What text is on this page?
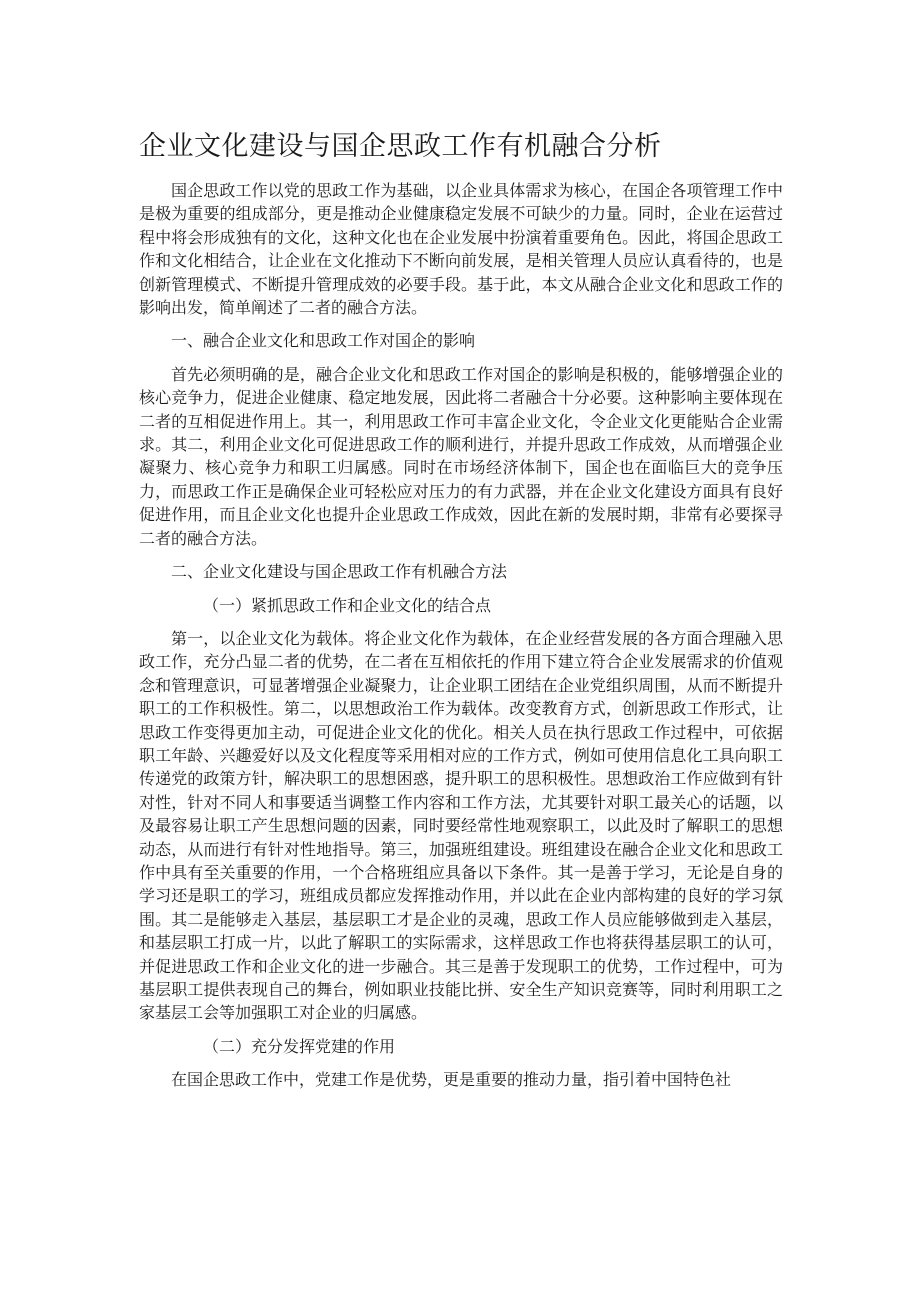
企业文化建设与国企思政工作有机融合分析

国企思政工作以党的思政工作为基础，以企业具体需求为核心，在国企各项管理工作中是极为重要的组成部分，更是推动企业健康稳定发展不可缺少的力量。同时，企业在运营过程中将会形成独有的文化，这种文化也在企业发展中扮演着重要角色。因此，将国企思政工作和文化相结合，让企业在文化推动下不断向前发展，是相关管理人员应认真看待的，也是创新管理模式、不断提升管理成效的必要手段。基于此，本文从融合企业文化和思政工作的影响出发，简单阐述了二者的融合方法。

一、融合企业文化和思政工作对国企的影响

首先必须明确的是，融合企业文化和思政工作对国企的影响是积极的，能够增强企业的核心竞争力，促进企业健康、稳定地发展，因此将二者融合十分必要。这种影响主要体现在二者的互相促进作用上。其一，利用思政工作可丰富企业文化，令企业文化更能贴合企业需求。其二，利用企业文化可促进思政工作的顺利进行，并提升思政工作成效，从而增强企业凝聚力、核心竞争力和职工归属感。同时在市场经济体制下，国企也在面临巨大的竞争压力，而思政工作正是确保企业可轻松应对压力的有力武器，并在企业文化建设方面具有良好促进作用，而且企业文化也提升企业思政工作成效，因此在新的发展时期，非常有必要探寻二者的融合方法。

二、企业文化建设与国企思政工作有机融合方法

（一）紧抓思政工作和企业文化的结合点

第一，以企业文化为载体。将企业文化作为载体，在企业经营发展的各方面合理融入思政工作，充分凸显二者的优势，在二者在互相依托的作用下建立符合企业发展需求的价值观念和管理意识，可显著增强企业凝聚力，让企业职工团结在企业党组织周围，从而不断提升职工的工作积极性。第二，以思想政治工作为载体。改变教育方式，创新思政工作形式，让思政工作变得更加主动，可促进企业文化的优化。相关人员在执行思政工作过程中，可依据职工年龄、兴趣爱好以及文化程度等采用相对应的工作方式，例如可使用信息化工具向职工传递党的政策方针，解决职工的思想困惑，提升职工的思积极性。思想政治工作应做到有针对性，针对不同人和事要适当调整工作内容和工作方法，尤其要针对职工最关心的话题，以及最容易让职工产生思想问题的因素，同时要经常性地观察职工，以此及时了解职工的思想动态，从而进行有针对性地指导。第三，加强班组建设。班组建设在融合企业文化和思政工作中具有至关重要的作用，一个合格班组应具备以下条件。其一是善于学习，无论是自身的学习还是职工的学习，班组成员都应发挥推动作用，并以此在企业内部构建的良好的学习氛围。其二是能够走入基层，基层职工才是企业的灵魂，思政工作人员应能够做到走入基层，和基层职工打成一片，以此了解职工的实际需求，这样思政工作也将获得基层职工的认可，并促进思政工作和企业文化的进一步融合。其三是善于发现职工的优势，工作过程中，可为基层职工提供表现自己的舞台，例如职业技能比拼、安全生产知识竞赛等，同时利用职工之家基层工会等加强职工对企业的归属感。

（二）充分发挥党建的作用

在国企思政工作中，党建工作是优势，更是重要的推动力量，指引着中国特色社
